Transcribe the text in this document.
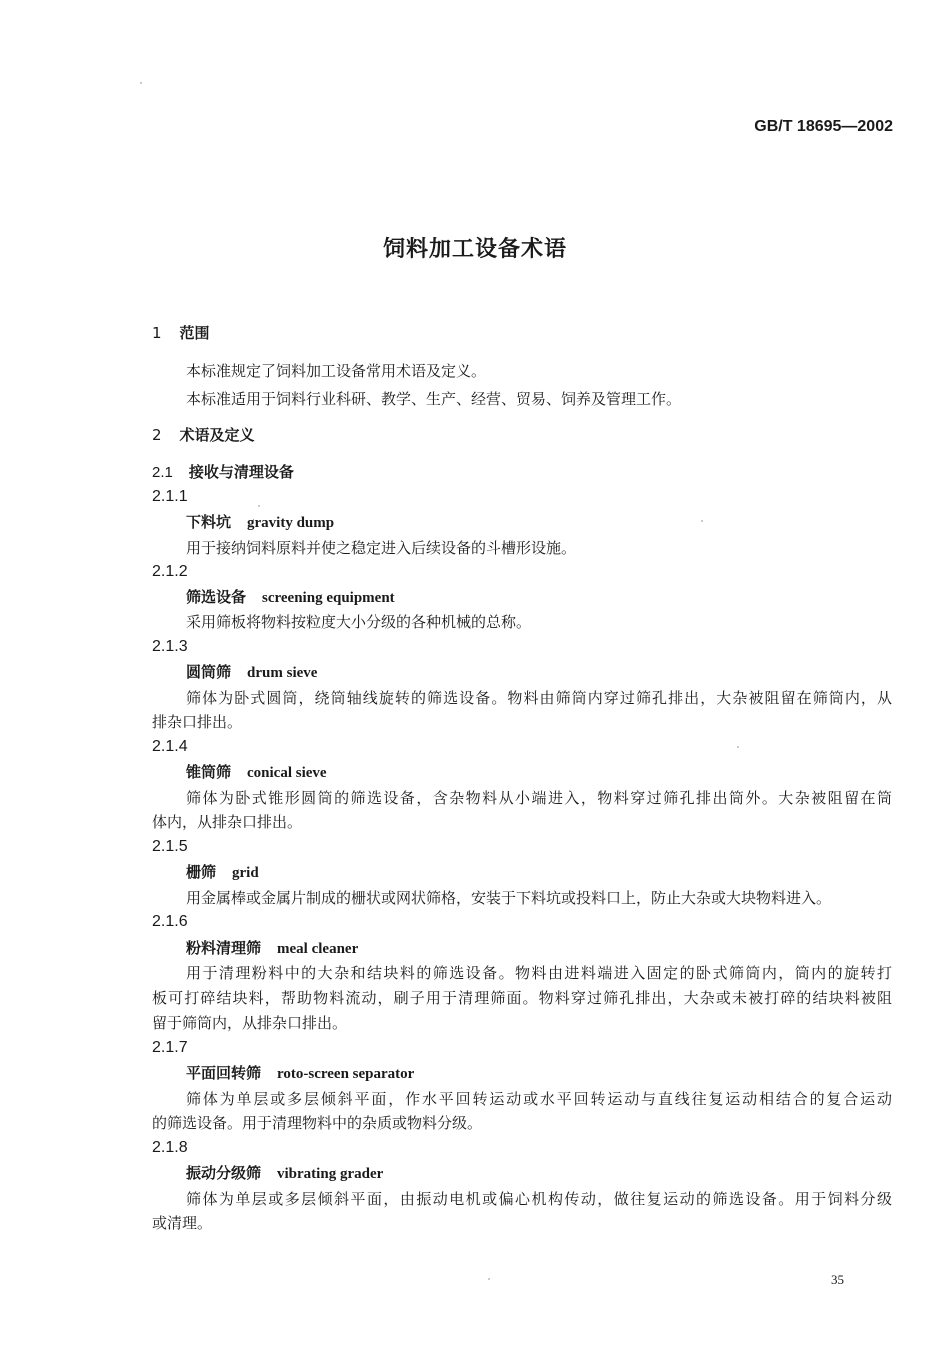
GB/T 18695—2002
饲料加工设备术语
1 范围
本标准规定了饲料加工设备常用术语及定义。
本标准适用于饲料行业科研、教学、生产、经营、贸易、饲养及管理工作。
2 术语及定义
2.1 接收与清理设备
2.1.1
下料坑 gravity dump
用于接纳饲料原料并使之稳定进入后续设备的斗槽形设施。
2.1.2
筛选设备 screening equipment
采用筛板将物料按粒度大小分级的各种机械的总称。
2.1.3
圆筒筛 drum sieve
筛体为卧式圆筒，绕筒轴线旋转的筛选设备。物料由筛筒内穿过筛孔排出，大杂被阻留在筛筒内，从
排杂口排出。
2.1.4
锥筒筛 conical sieve
筛体为卧式锥形圆筒的筛选设备，含杂物料从小端进入，物料穿过筛孔排出筒外。大杂被阻留在筒
体内，从排杂口排出。
2.1.5
栅筛 grid
用金属棒或金属片制成的栅状或网状筛格，安装于下料坑或投料口上，防止大杂或大块物料进入。
2.1.6
粉料清理筛 meal cleaner
用于清理粉料中的大杂和结块料的筛选设备。物料由进料端进入固定的卧式筛筒内，筒内的旋转打
板可打碎结块料，帮助物料流动，刷子用于清理筛面。物料穿过筛孔排出，大杂或未被打碎的结块料被阻
留于筛筒内，从排杂口排出。
2.1.7
平面回转筛 roto-screen separator
筛体为单层或多层倾斜平面，作水平回转运动或水平回转运动与直线往复运动相结合的复合运动
的筛选设备。用于清理物料中的杂质或物料分级。
2.1.8
振动分级筛 vibrating grader
筛体为单层或多层倾斜平面，由振动电机或偏心机构传动，做往复运动的筛选设备。用于饲料分级
或清理。
35
